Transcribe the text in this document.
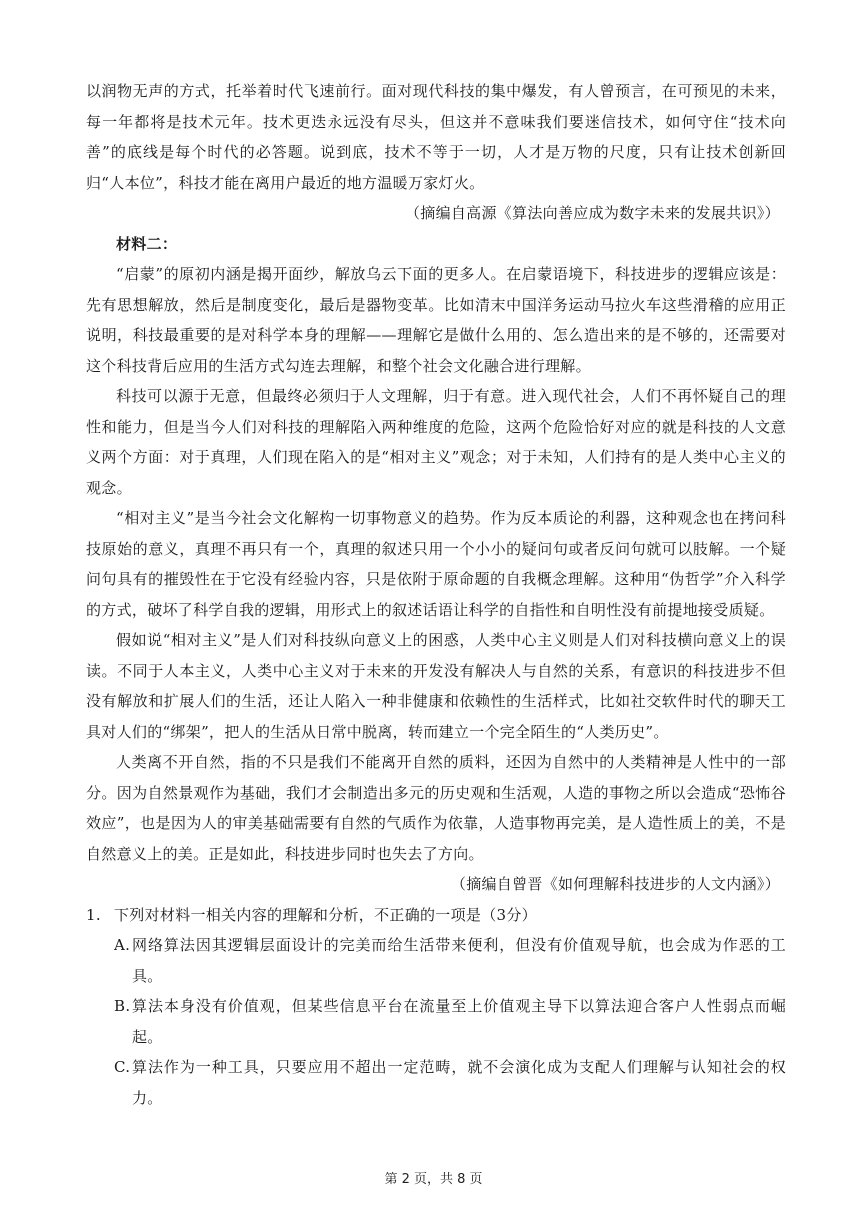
以润物无声的方式，托举着时代飞速前行。面对现代科技的集中爆发，有人曾预言，在可预见的未来，每一年都将是技术元年。技术更迭永远没有尽头，但这并不意味我们要迷信技术，如何守住“技术向善”的底线是每个时代的必答题。说到底，技术不等于一切，人才是万物的尺度，只有让技术创新回归“人本位”，科技才能在离用户最近的地方温暖万家灯火。

（摘编自高源《算法向善应成为数字未来的发展共识》）

材料二：

“启蒙”的原初内涵是揭开面纱，解放乌云下面的更多人。在启蒙语境下，科技进步的逻辑应该是：先有思想解放，然后是制度变化，最后是器物变革。比如清末中国洋务运动马拉火车这些滑稽的应用正说明，科技最重要的是对科学本身的理解——理解它是做什么用的、怎么造出来的是不够的，还需要对这个科技背后应用的生活方式勾连去理解，和整个社会文化融合进行理解。

科技可以源于无意，但最终必须归于人文理解，归于有意。进入现代社会，人们不再怀疑自己的理性和能力，但是当今人们对科技的理解陷入两种维度的危险，这两个危险恰好对应的就是科技的人文意义两个方面：对于真理，人们现在陷入的是“相对主义”观念；对于未知，人们持有的是人类中心主义的观念。

“相对主义”是当今社会文化解构一切事物意义的趋势。作为反本质论的利器，这种观念也在拷问科技原始的意义，真理不再只有一个，真理的叙述只用一个小小的疑问句或者反问句就可以肢解。一个疑问句具有的摧毁性在于它没有经验内容，只是依附于原命题的自我概念理解。这种用“伪哲学”介入科学的方式，破坏了科学自我的逻辑，用形式上的叙述话语让科学的自指性和自明性没有前提地接受质疑。

假如说“相对主义”是人们对科技纵向意义上的困惑，人类中心主义则是人们对科技横向意义上的误读。不同于人本主义，人类中心主义对于未来的开发没有解决人与自然的关系，有意识的科技进步不但没有解放和扩展人们的生活，还让人陷入一种非健康和依赖性的生活样式，比如社交软件时代的聊天工具对人们的“绑架”，把人的生活从日常中脱离，转而建立一个完全陌生的“人类历史”。

人类离不开自然，指的不只是我们不能离开自然的质料，还因为自然中的人类精神是人性中的一部分。因为自然景观作为基础，我们才会制造出多元的历史观和生活观，人造的事物之所以会造成“恐怖谷效应”，也是因为人的审美基础需要有自然的气质作为依靠，人造事物再完美，是人造性质上的美，不是自然意义上的美。正是如此，科技进步同时也失去了方向。

（摘编自曾晋《如何理解科技进步的人文内涵》）

1. 下列对材料一相关内容的理解和分析，不正确的一项是（3分）
A. 网络算法因其逻辑层面设计的完美而给生活带来便利，但没有价值观导航，也会成为作恶的工具。
B. 算法本身没有价值观，但某些信息平台在流量至上价值观主导下以算法迎合客户人性弱点而崛起。
C. 算法作为一种工具，只要应用不超出一定范畴，就不会演化成为支配人们理解与认知社会的权力。
第 2 页，共 8 页
